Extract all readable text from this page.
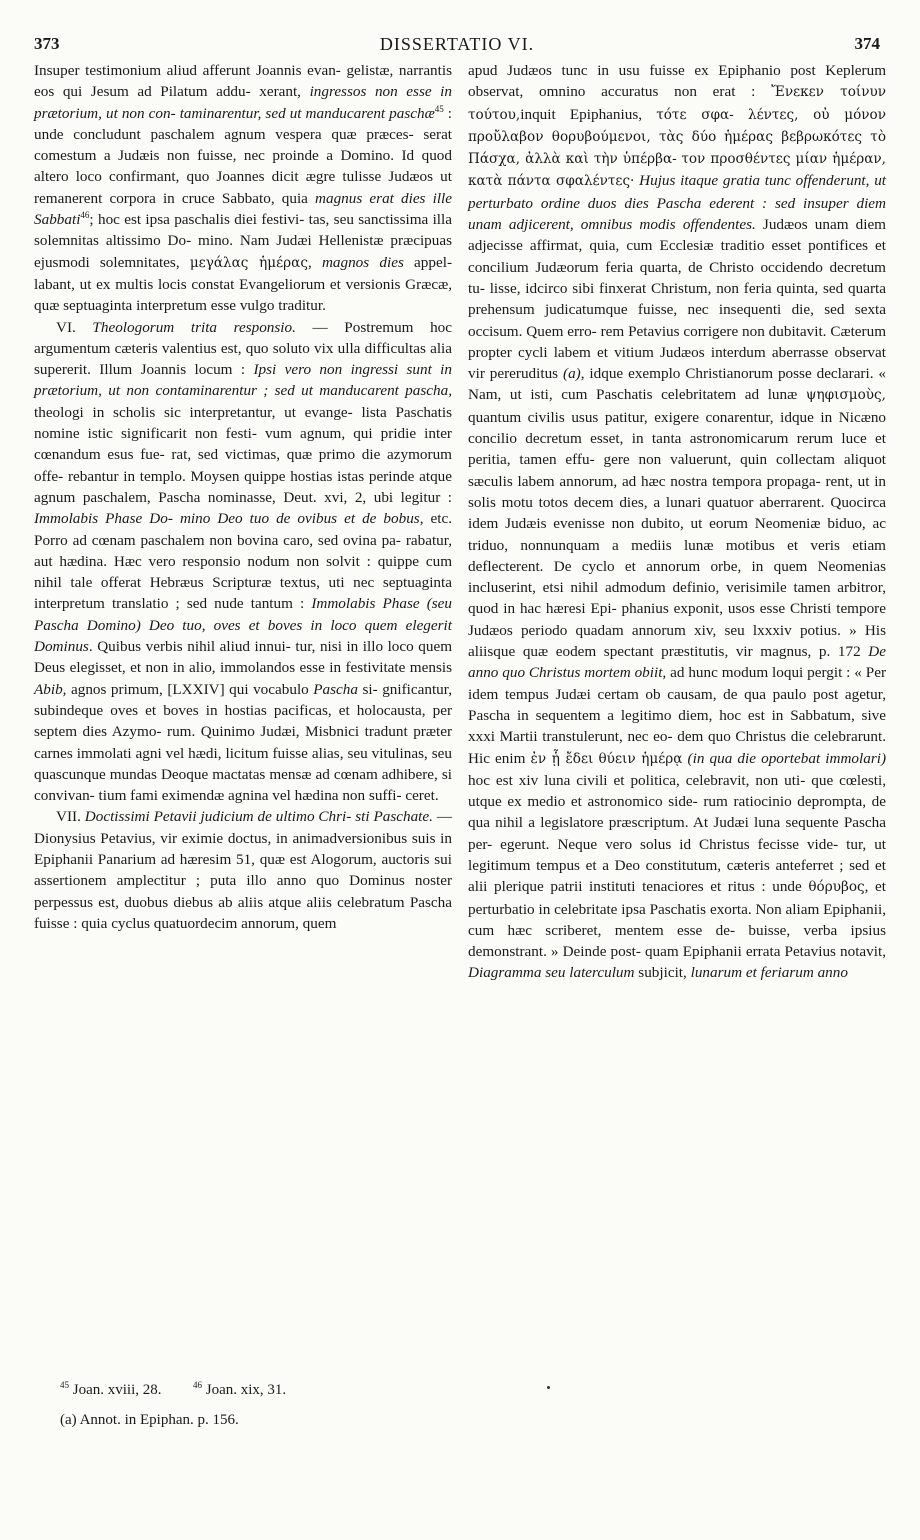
373	DISSERTATIO VI.	374

Insuper testimonium aliud afferunt Joannis evan- gelistæ, narrantis eos qui Jesum ad Pilatum addu- xerant, ingressos non esse in prætorium, ut non con- taminarentur, sed ut manducarent paschæ$^{45}$ : unde concludunt paschalem agnum vespera quæ præces- serat comestum a Judæis non fuisse, nec proinde a Domino. Id quod altero loco confirmant, quo Joannes dicit ægre tulisse Judæos ut remanerent corpora in cruce Sabbato, quia magnus erat dies ille Sabbati$^{46}$; hoc est ipsa paschalis diei festivi- tas, seu sanctissima illa solemnitas altissimo Do- mino. Nam Judæi Hellenistæ præcipuas ejusmodi solemnitates, μεγάλας ἡμέρας, magnos dies appel- labant, ut ex multis locis constat Evangeliorum et versionis Græcæ, quæ septuaginta interpretum esse vulgo traditur.

VI. Theologorum trita responsio. — Postremum hoc argumentum cæteris valentius est, quo soluto vix ulla difficultas alia supererit. Illum Joannis locum : Ipsi vero non ingressi sunt in prætorium, ut non contaminarentur ; sed ut manducarent pascha, theologi in scholis sic interpretantur, ut evange- lista Paschatis nomine istic significarit non festi- vum agnum, qui pridie inter cœnandum esus fue- rat, sed victimas, quæ primo die azymorum offe- rebantur in templo. Moysen quippe hostias istas perinde atque agnum paschalem, Pascha nominasse, Deut. xvi, 2, ubi legitur : Immolabis Phase Do- mino Deo tuo de ovibus et de bobus, etc. Porro ad cœnam paschalem non bovina caro, sed ovina pa- rabatur, aut hædina. Hæc vero responsio nodum non solvit : quippe cum nihil tale offerat Hebræus Scripturæ textus, uti nec septuaginta interpretum translatio ; sed nude tantum : Immolabis Phase (seu Pascha Domino) Deo tuo, oves et boves in loco quem elegerit Dominus. Quibus verbis nihil aliud innui- tur, nisi in illo loco quem Deus elegisset, et non in alio, immolandos esse in festivitate mensis Abib, agnos primum, [LXXIV] qui vocabulo Pascha si- gnificantur, subindeque oves et boves in hostias pacificas, et holocausta, per septem dies Azymo- rum. Quinimo Judæi, Misbnici tradunt præter carnes immolati agni vel hædi, licitum fuisse alias, seu vitulinas, seu quascunque mundas Deoque mactatas mensæ ad cœnam adhibere, si convivan- tium fami eximendæ agnina vel hædina non suffi- ceret.

VII. Doctissimi Petavii judicium de ultimo Chri- sti Paschate. — Dionysius Petavius, vir eximie doctus, in animadversionibus suis in Epiphanii Panarium ad hæresim 51, quæ est Alogorum, auctoris sui assertionem amplectitur ; puta illo anno quo Dominus noster perpessus est, duobus diebus ab aliis atque aliis celebratum Pascha fuisse : quia cyclus quatuordecim annorum, quem

apud Judæos tunc in usu fuisse ex Epiphanio post Keplerum observat, omnino accuratus non erat : Ἔνεκεν τοίνυν τούτου,inquit Epiphanius, τότε σφα- λέντες, οὐ μόνον προὔλαβον θορυβούμενοι, τὰς δύο ἡμέρας βεβρωκότες τὸ Πάσχα, ἀλλὰ καὶ τὴν ὑπέρβα- τον προσθέντες μίαν ἡμέραν, κατὰ πάντα σφαλέντες· Hujus itaque gratia tunc offenderunt, ut perturbato ordine duos dies Pascha ederent : sed insuper diem unam adjicerent, omnibus modis offendentes. Judæos unam diem adjecisse affirmat, quia, cum Ecclesiæ traditio esset pontifices et concilium Judæorum feria quarta, de Christo occidendo decretum tu- lisse, idcirco sibi finxerat Christum, non feria quinta, sed quarta prehensum judicatumque fuisse, nec insequenti die, sed sexta occisum. Quem erro- rem Petavius corrigere non dubitavit. Cæterum propter cycli labem et vitium Judæos interdum aberrasse observat vir pereruditus (a), idque exemplo Christianorum posse declarari. « Nam, ut isti, cum Paschatis celebritatem ad lunæ ψηφισμοὺς, quantum civilis usus patitur, exigere conarentur, idque in Nicæno concilio decretum esset, in tanta astronomicarum rerum luce et peritia, tamen effu- gere non valuerunt, quin collectam aliquot sæculis labem annorum, ad hæc nostra tempora propaga- rent, ut in solis motu totos decem dies, a lunari quatuor aberrarent. Quocirca idem Judæis evenisse non dubito, ut eorum Neomeniæ biduo, ac triduo, nonnunquam a mediis lunæ motibus et veris etiam deflecterent. De cyclo et annorum orbe, in quem Neomenias incluserint, etsi nihil admodum definio, verisimile tamen arbitror, quod in hac hæresi Epi- phanius exponit, usos esse Christi tempore Judæos periodo quadam annorum xiv, seu lxxxiv potius. » His aliisque quæ eodem spectant præstitutis, vir magnus, p. 172 De anno quo Christus mortem obiit, ad hunc modum loqui pergit : « Per idem tempus Judæi certam ob causam, de qua paulo post agetur, Pascha in sequentem a legitimo diem, hoc est in Sabbatum, sive xxxi Martii transtulerunt, nec eo- dem quo Christus die celebrarunt. Hic enim ἐν ᾗ ἔδει θύειν ἡμέρᾳ (in qua die oportebat immolari) hoc est xiv luna civili et politica, celebravit, non uti- que cœlesti, utque ex medio et astronomico side- rum ratiocinio deprompta, de qua nihil a legislatore præscriptum. At Judæi luna sequente Pascha per- egerunt. Neque vero solus id Christus fecisse vide- tur, ut legitimum tempus et a Deo constitutum, cæteris anteferret ; sed et alii plerique patrii instituti tenaciores et ritus : unde θόρυβος, et perturbatio in celebritate ipsa Paschatis exorta. Non aliam Epiphanii, cum hæc scriberet, mentem esse de- buisse, verba ipsius demonstrant. » Deinde post- quam Epiphanii errata Petavius notavit, Diagramma seu laterculum subjicit, lunarum et feriarum anno

$^{45}$ Joan. xviii, 28.	$^{46}$ Joan. xix, 31.
(a) Annot. in Epiphan. p. 156.
